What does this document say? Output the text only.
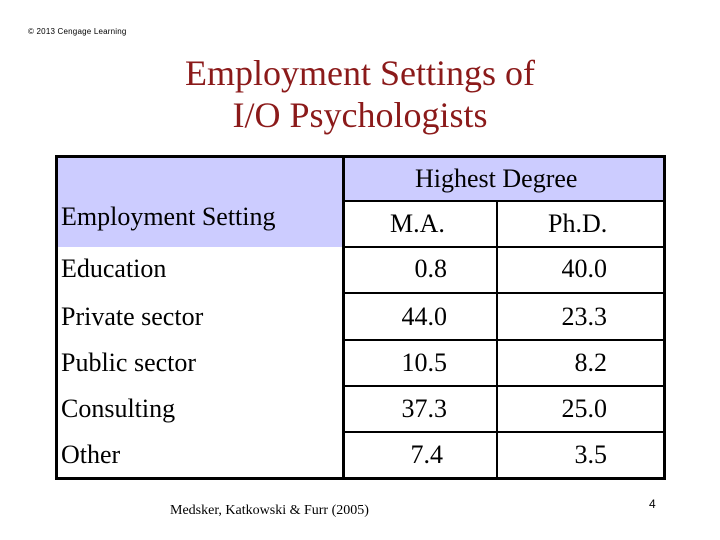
© 2013 Cengage Learning
Employment Settings of
I/O Psychologists
Highest Degree
Employment Setting	M.A.	Ph.D.
Education	0.8	40.0
Private sector	44.0	23.3
Public sector	10.5	8.2
Consulting	37.3	25.0
Other	7.4	3.5
Medsker, Katkowski & Furr (2005)	4
